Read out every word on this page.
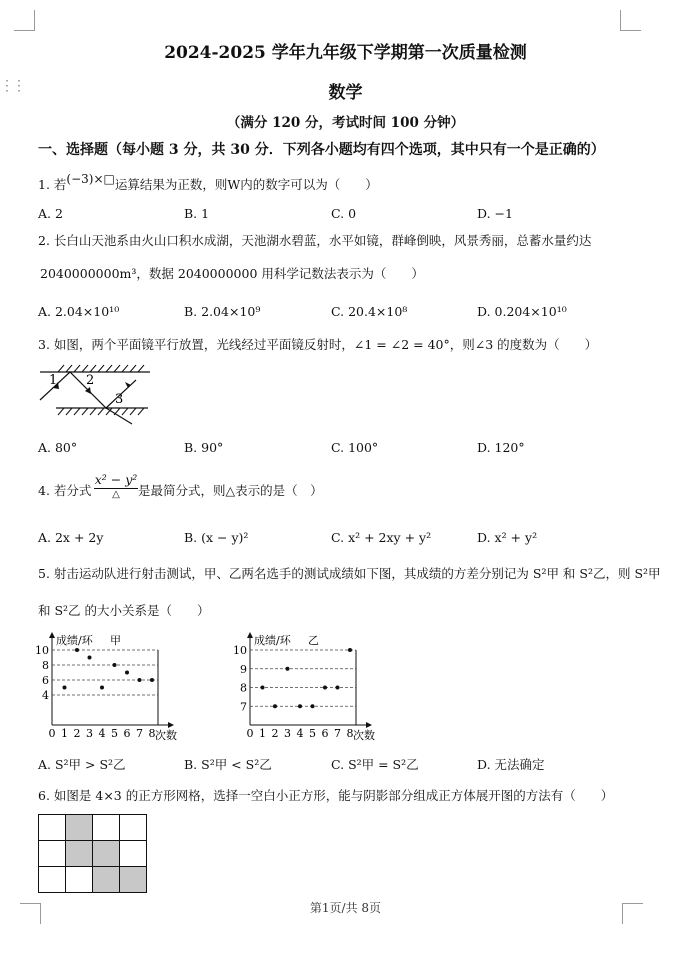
⋮⋮
2024-2025 学年九年级下学期第一次质量检测
数学
（满分 120 分，考试时间 100 分钟）
一、选择题（每小题 3 分，共 30 分．下列各小题均有四个选项，其中只有一个是正确的）
1. 若(−3)×□运算结果为正数，则W内的数字可以为（　　）
A. 2	B. 1	C. 0	D. −1
2. 长白山天池系由火山口积水成湖，天池湖水碧蓝，水平如镜，群峰倒映，风景秀丽，总蓄水量约达
2040000000m³，数据 2040000000 用科学记数法表示为（　　）
A. 2.04×10¹⁰	B. 2.04×10⁹	C. 20.4×10⁸	D. 0.204×10¹⁰
3. 如图，两个平面镜平行放置，光线经过平面镜反射时，∠1 = ∠2 = 40°，则∠3 的度数为（　　）
1 2
3
A. 80°	B. 90°	C. 100°	D. 120°
4. 若分式
x² − y²
△	是最简分式，则△表示的是（　）
A. 2x + 2y	B. (x − y)²	C. x² + 2xy + y²	D. x² + y²
5. 射击运动队进行射击测试，甲、乙两名选手的测试成绩如下图，其成绩的方差分别记为 S²甲 和 S²乙，则 S²甲
和 S²乙 的大小关系是（　　）
4
6
8
10
0 1 2 3 4 5 6 7 8
成绩/环 甲
次数
7
8
9
10
0 1 2 3 4 5 6 7 8
成绩/环 乙
次数
A. S²甲 > S²乙	B. S²甲 < S²乙	C. S²甲 = S²乙	D. 无法确定
6. 如图是 4×3 的正方形网格，选择一空白小正方形，能与阴影部分组成正方体展开图的方法有（　　）

第1页/共 8页
